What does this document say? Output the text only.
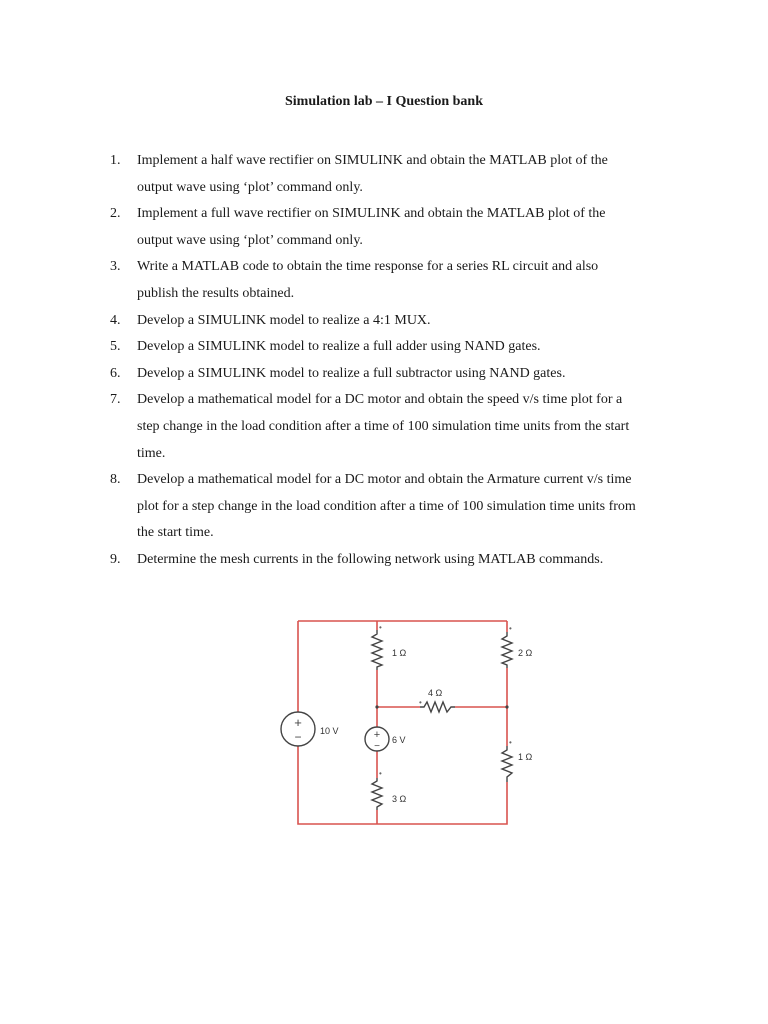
Simulation lab – I Question bank
1. Implement a half wave rectifier on SIMULINK and obtain the MATLAB plot of the
output wave using ‘plot’ command only.
2. Implement a full wave rectifier on SIMULINK and obtain the MATLAB plot of the
output wave using ‘plot’ command only.
3. Write a MATLAB code to obtain the time response for a series RL circuit and also
publish the results obtained.
4. Develop a SIMULINK model to realize a 4:1 MUX.
5. Develop a SIMULINK model to realize a full adder using NAND gates.
6. Develop a SIMULINK model to realize a full subtractor using NAND gates.
7. Develop a mathematical model for a DC motor and obtain the speed v/s time plot for a
step change in the load condition after a time of 100 simulation time units from the start
time.
8. Develop a mathematical model for a DC motor and obtain the Armature current v/s time
plot for a step change in the load condition after a time of 100 simulation time units from
the start time.
9. Determine the mesh currents in the following network using MATLAB commands.
+
−	+
−
•	•
•
•
•
1 Ω	2 Ω
4 Ω
10 V
6 V
1 Ω
3 Ω
